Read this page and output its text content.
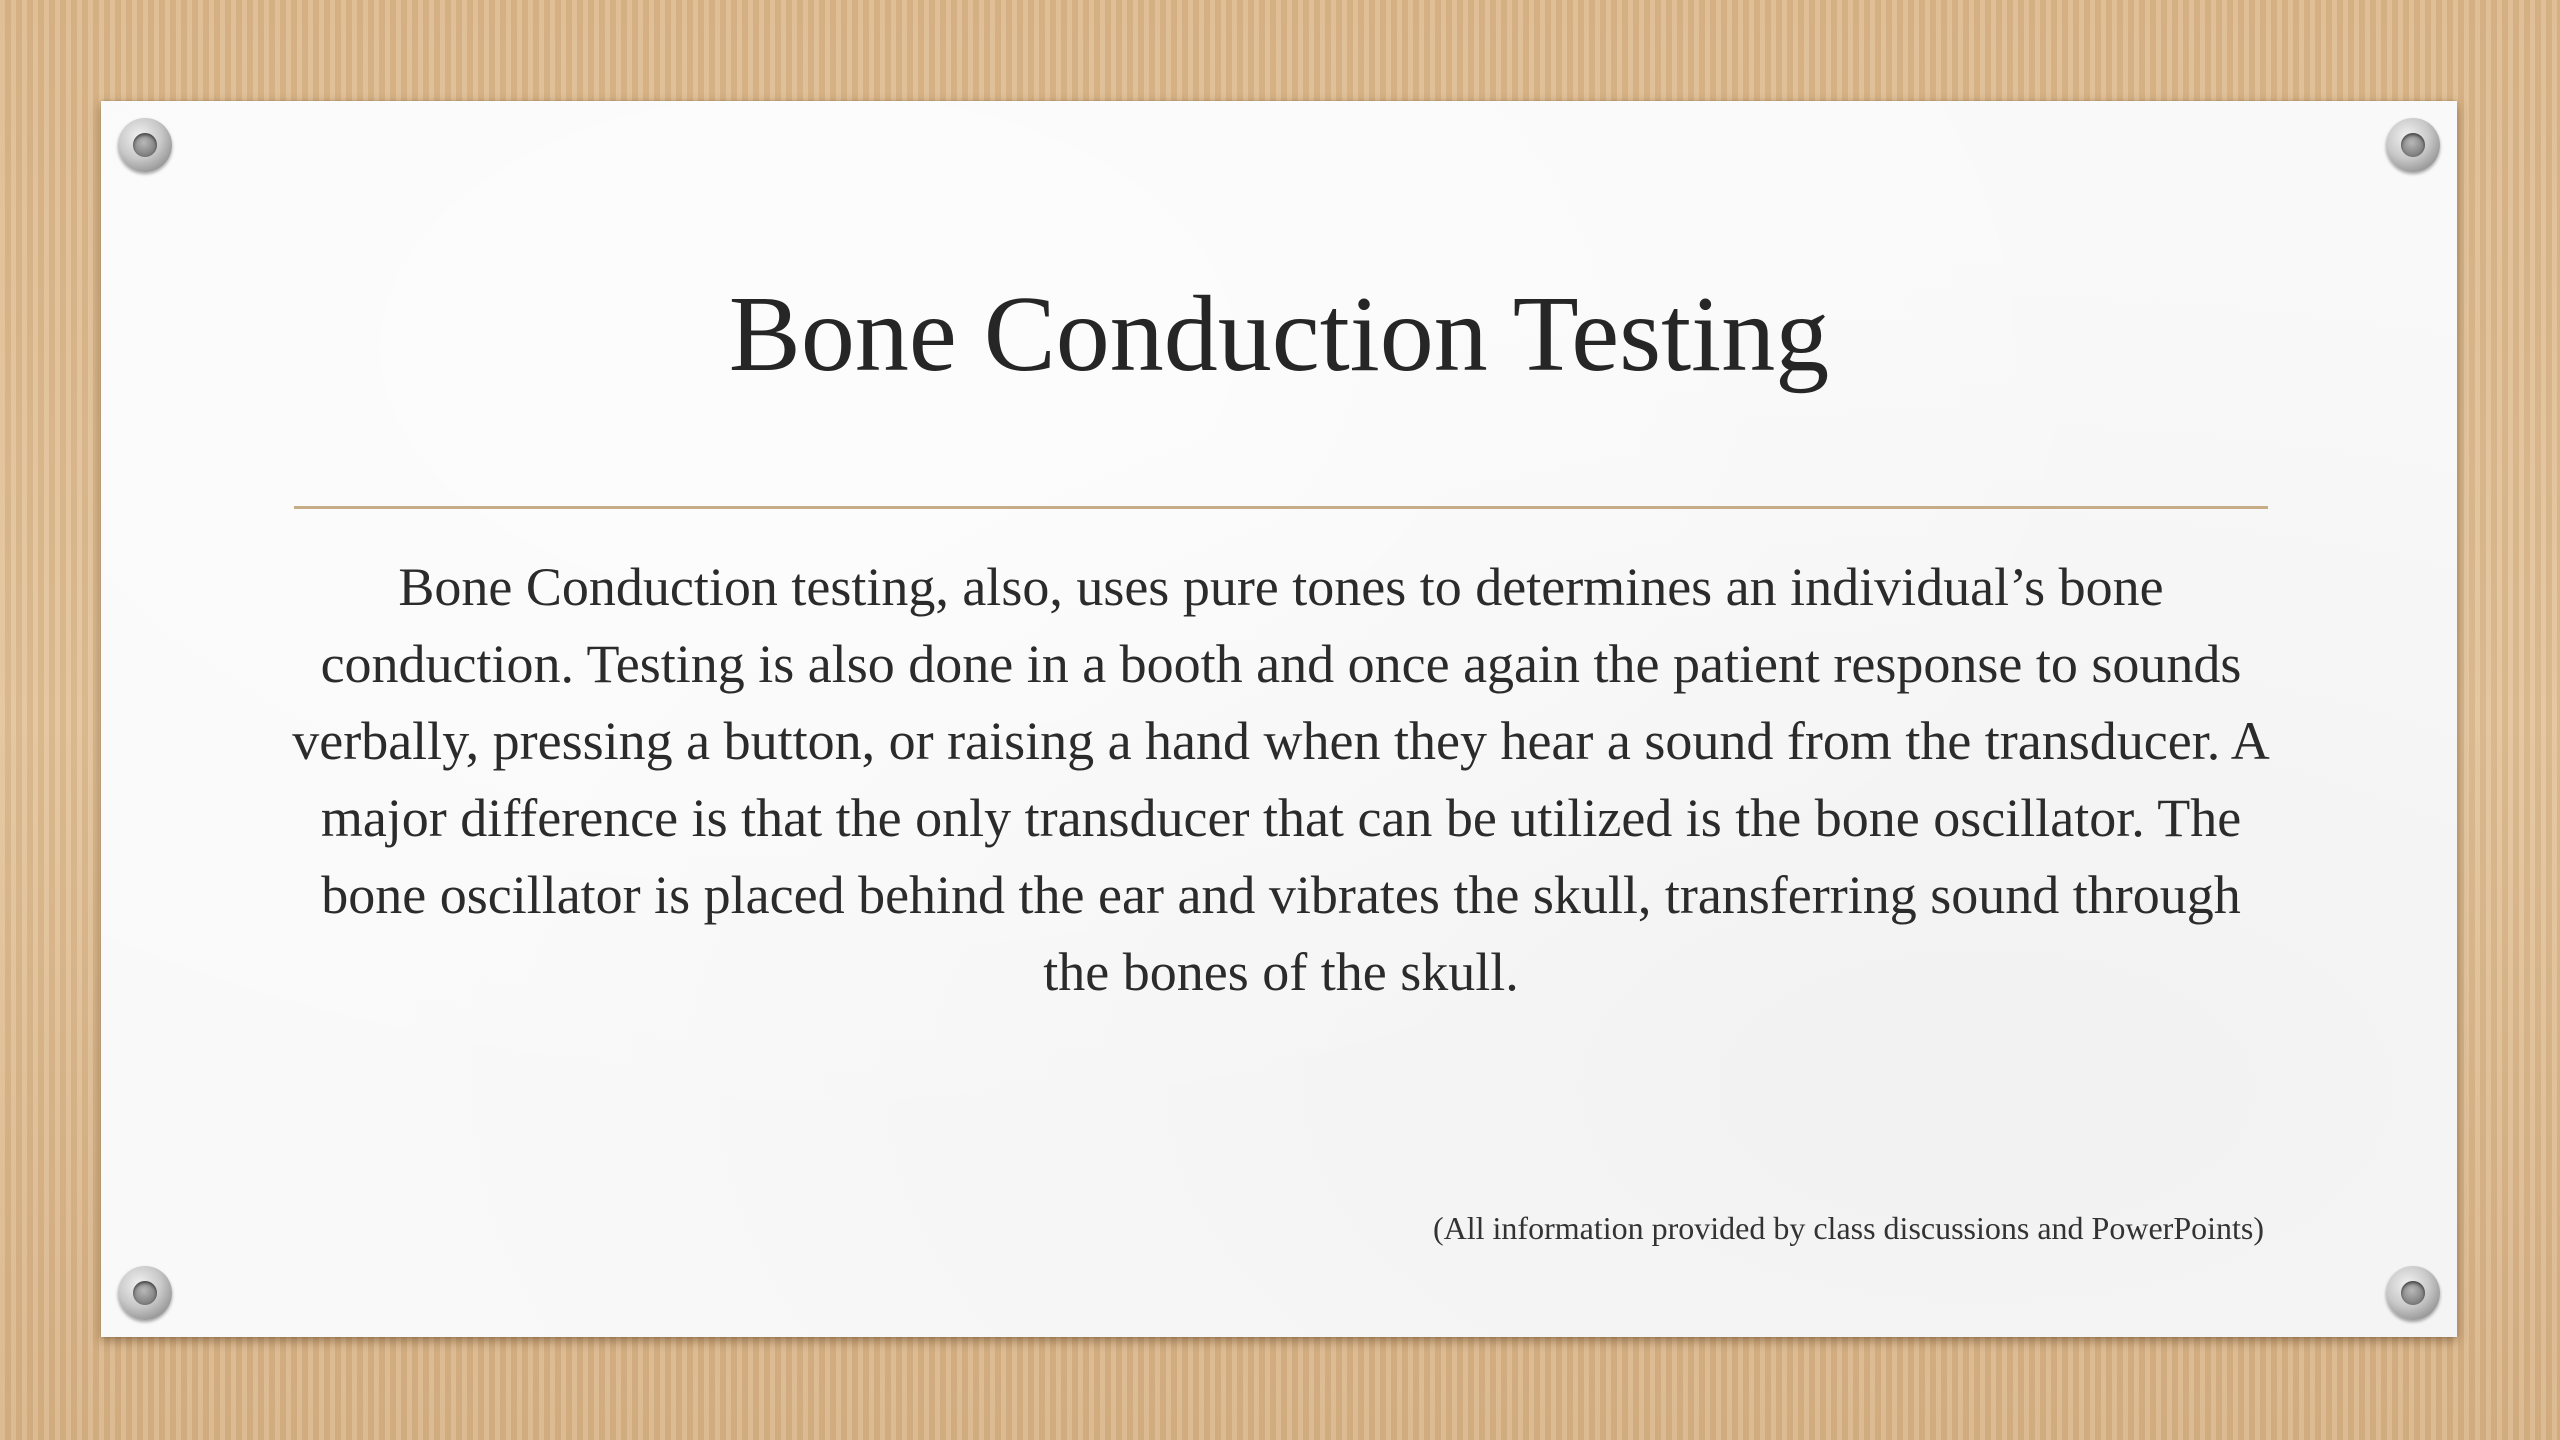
Bone Conduction Testing

Bone Conduction testing, also, uses pure tones to determines an individual’s bone conduction. Testing is also done in a booth and once again the patient response to sounds verbally, pressing a button, or raising a hand when they hear a sound from the transducer. A major difference is that the only transducer that can be utilized is the bone oscillator. The bone oscillator is placed behind the ear and vibrates the skull, transferring sound through the bones of the skull.

(All information provided by class discussions and PowerPoints)
